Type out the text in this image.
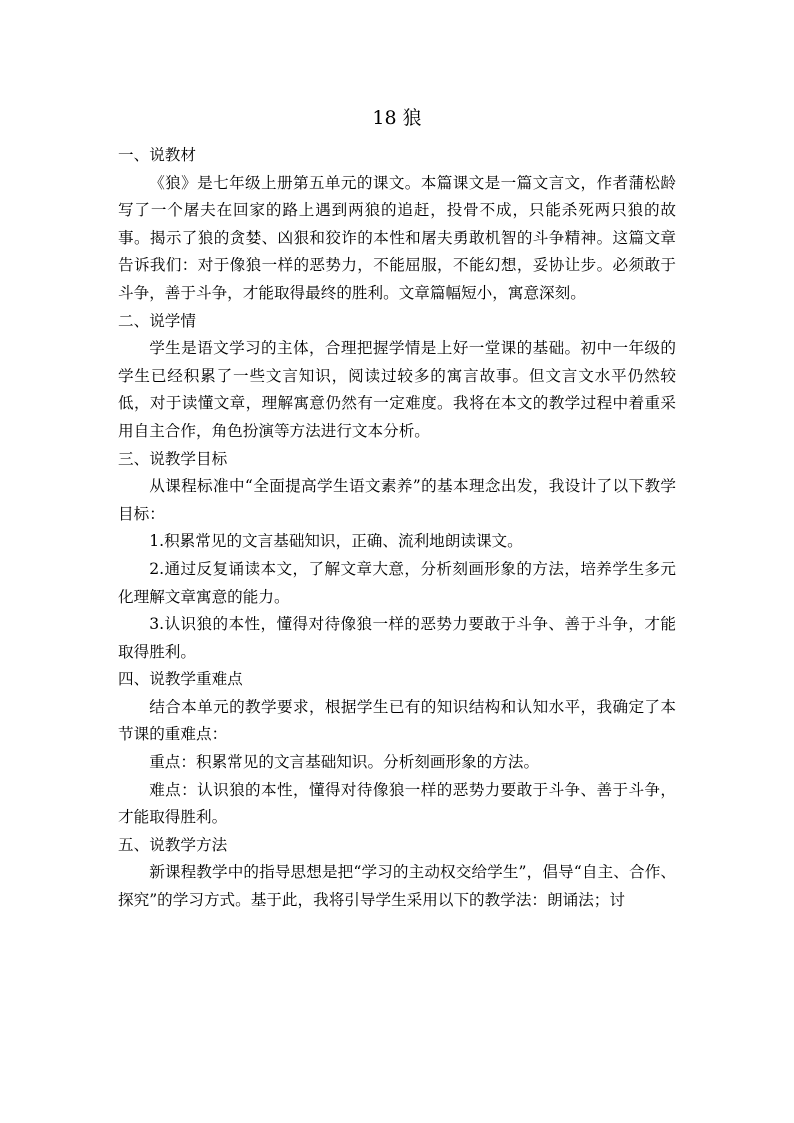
18 狼

一、说教材

《狼》是七年级上册第五单元的课文。本篇课文是一篇文言文，作者蒲松龄写了一个屠夫在回家的路上遇到两狼的追赶，投骨不成，只能杀死两只狼的故事。揭示了狼的贪婪、凶狠和狡诈的本性和屠夫勇敢机智的斗争精神。这篇文章告诉我们：对于像狼一样的恶势力，不能屈服，不能幻想，妥协让步。必须敢于斗争，善于斗争，才能取得最终的胜利。文章篇幅短小，寓意深刻。

二、说学情

学生是语文学习的主体，合理把握学情是上好一堂课的基础。初中一年级的学生已经积累了一些文言知识，阅读过较多的寓言故事。但文言文水平仍然较低，对于读懂文章，理解寓意仍然有一定难度。我将在本文的教学过程中着重采用自主合作，角色扮演等方法进行文本分析。

三、说教学目标

从课程标准中“全面提高学生语文素养”的基本理念出发，我设计了以下教学目标：

1.积累常见的文言基础知识，正确、流利地朗读课文。

2.通过反复诵读本文，了解文章大意，分析刻画形象的方法，培养学生多元化理解文章寓意的能力。

3.认识狼的本性，懂得对待像狼一样的恶势力要敢于斗争、善于斗争，才能取得胜利。

四、说教学重难点

结合本单元的教学要求，根据学生已有的知识结构和认知水平，我确定了本节课的重难点：

重点：积累常见的文言基础知识。分析刻画形象的方法。

难点：认识狼的本性，懂得对待像狼一样的恶势力要敢于斗争、善于斗争，才能取得胜利。

五、说教学方法

新课程教学中的指导思想是把“学习的主动权交给学生”，倡导“自主、合作、探究”的学习方式。基于此，我将引导学生采用以下的教学法：朗诵法；讨
